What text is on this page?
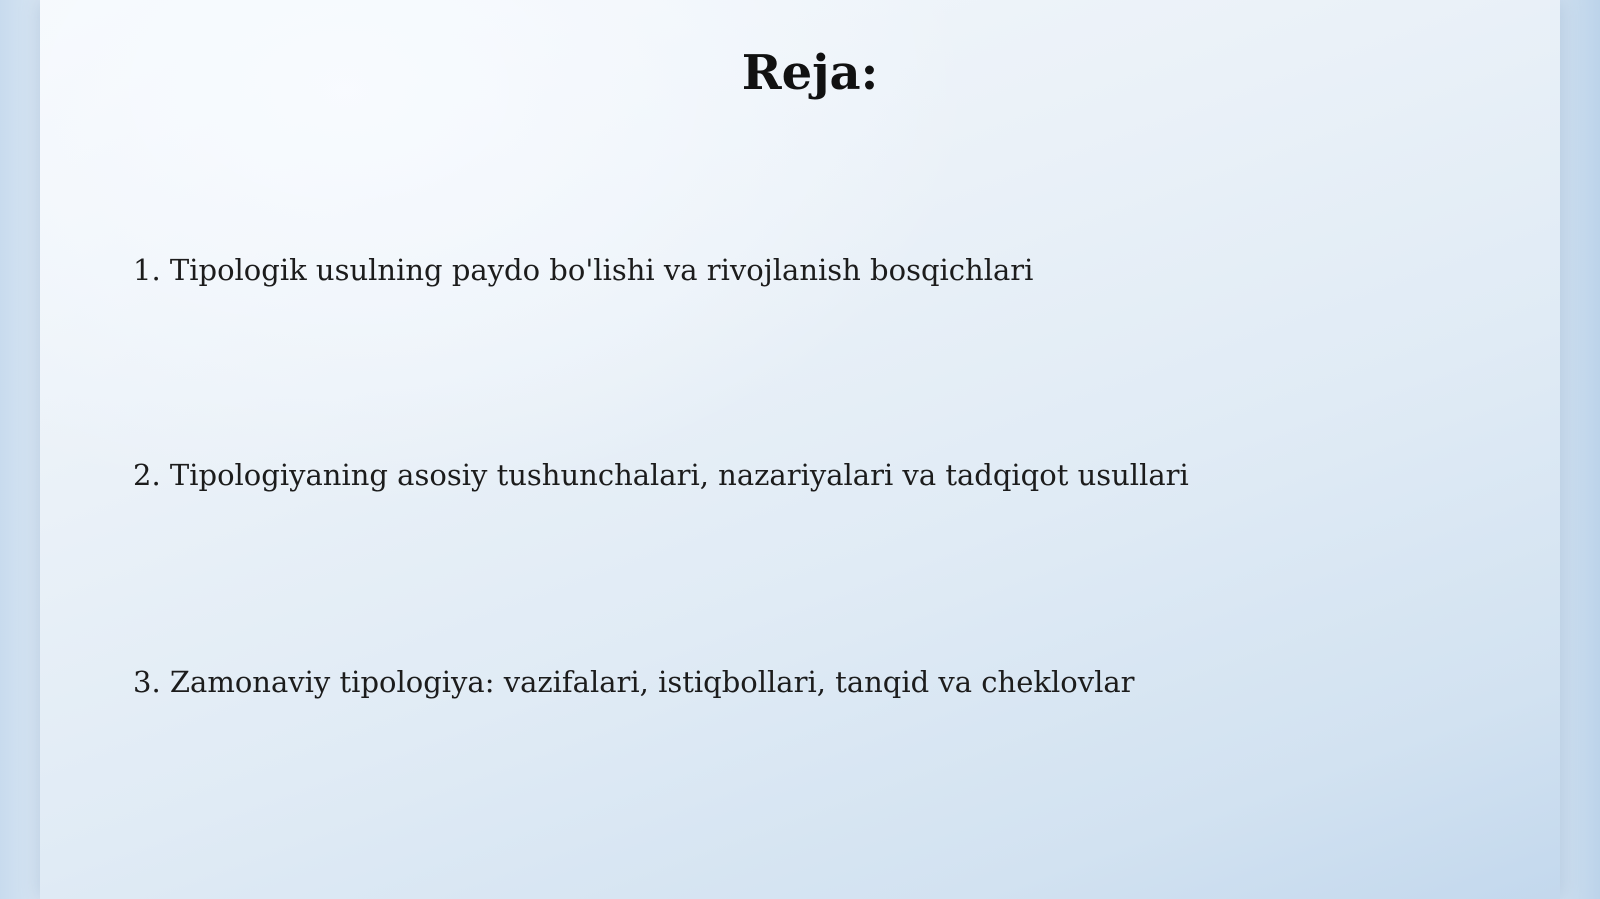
Reja:
1. Tipologik usulning paydo bo'lishi va rivojlanish bosqichlari
2. Tipologiyaning asosiy tushunchalari, nazariyalari va tadqiqot usullari
3. Zamonaviy tipologiya: vazifalari, istiqbollari, tanqid va cheklovlar
